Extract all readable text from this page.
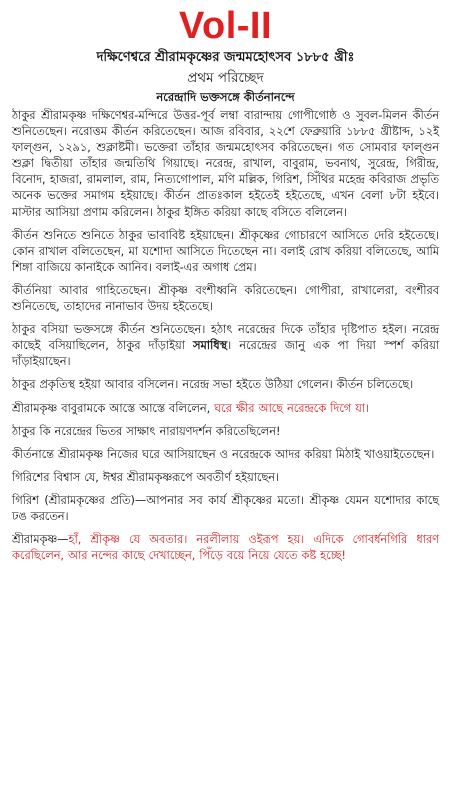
Vol-II
দক্ষিণেশ্বরে শ্রীরামকৃষ্ণের জন্মমহোৎসব ১৮৮৫ খ্রীঃ
প্রথম পরিচ্ছেদ
নরেন্দ্রাদি ভক্তসঙ্গে কীর্তনানন্দে

ঠাকুর শ্রীরামকৃষ্ণ দক্ষিণেশ্বর-মন্দিরে উত্তর-পূর্ব লম্বা বারান্দায় গোপীগোষ্ঠ ও সুবল-মিলন কীর্তন শুনিতেছেন। নরোত্তম কীর্তন করিতেছেন। আজ রবিবার, ২২শে ফেব্রুয়ারি ১৮৮৫ খ্রীষ্টাব্দ, ১২ই ফাল্গুন, ১২৯১, শুক্লাষ্টমী। ভক্তেরা তাঁহার জন্মমহোৎসব করিতেছেন। গত সোমবার ফাল্গুন শুক্লা দ্বিতীয়া তাঁহার জন্মতিথি গিয়াছে। নরেন্দ্র, রাখাল, বাবুরাম, ভবনাথ, সুরেন্দ্র, গিরীন্দ্র, বিনোদ, হাজরা, রামলাল, রাম, নিত্যগোপাল, মণি মল্লিক, গিরিশ, সিঁথির মহেন্দ্র কবিরাজ প্রভৃতি অনেক ভক্তের সমাগম হইয়াছে। কীর্তন প্রাতঃকাল হইতেই হইতেছে, এখন বেলা ৮টা হইবে। মাস্টার আসিয়া প্রণাম করিলেন। ঠাকুর ইঙ্গিত করিয়া কাছে বসিতে বলিলেন।

কীর্তন শুনিতে শুনিতে ঠাকুর ভাবাবিষ্ট হইয়াছেন। শ্রীকৃষ্ণের গোচারণে আসিতে দেরি হইতেছে। কোন রাখাল বলিতেছেন, মা যশোদা আসিতে দিতেছেন না। বলাই রোখ করিয়া বলিতেছে, আমি শিঙ্গা বাজিয়ে কানাইকে আনিব। বলাই-এর অগাধ প্রেম।

কীর্তনিয়া আবার গাহিতেছেন। শ্রীকৃষ্ণ বংশীধ্বনি করিতেছেন। গোপীরা, রাখালেরা, বংশীরব শুনিতেছে, তাহাদের নানাভাব উদয় হইতেছে।

ঠাকুর বসিয়া ভক্তসঙ্গে কীর্তন শুনিতেছেন। হঠাৎ নরেন্দ্রের দিকে তাঁহার দৃষ্টিপাত হইল। নরেন্দ্র কাছেই বসিয়াছিলেন, ঠাকুর দাঁড়াইয়া সমাধিস্থ। নরেন্দ্রের জানু এক পা দিয়া স্পর্শ করিয়া দাঁড়াইয়াছেন।

ঠাকুর প্রকৃতিস্থ হইয়া আবার বসিলেন। নরেন্দ্র সভা হইতে উঠিয়া গেলেন। কীর্তন চলিতেছে।

শ্রীরামকৃষ্ণ বাবুরামকে আস্তে আস্তে বলিলেন, ঘরে ক্ষীর আছে নরেন্দ্রকে দিগে যা।

ঠাকুর কি নরেন্দ্রের ভিতর সাক্ষাৎ নারায়ণদর্শন করিতেছিলেন!

কীর্তনান্তে শ্রীরামকৃষ্ণ নিজের ঘরে আসিয়াছেন ও নরেন্দ্রকে আদর করিয়া মিঠাই খাওয়াইতেছেন।

গিরিশের বিশ্বাস যে, ঈশ্বর শ্রীরামকৃষ্ণরূপে অবতীর্ণ হইয়াছেন।

গিরিশ (শ্রীরামকৃষ্ণের প্রতি)—আপনার সব কার্য শ্রীকৃষ্ণের মতো। শ্রীকৃষ্ণ যেমন যশোদার কাছে ঢঙ করতেন।

শ্রীরামকৃষ্ণ—হাঁ, শ্রীকৃষ্ণ যে অবতার। নরলীলায় ওইরূপ হয়। এদিকে গোবর্ধনগিরি ধারণ করেছিলেন, আর নন্দের কাছে দেখাচ্ছেন, পিঁড়ে বয়ে নিয়ে যেতে কষ্ট হচ্ছে!
